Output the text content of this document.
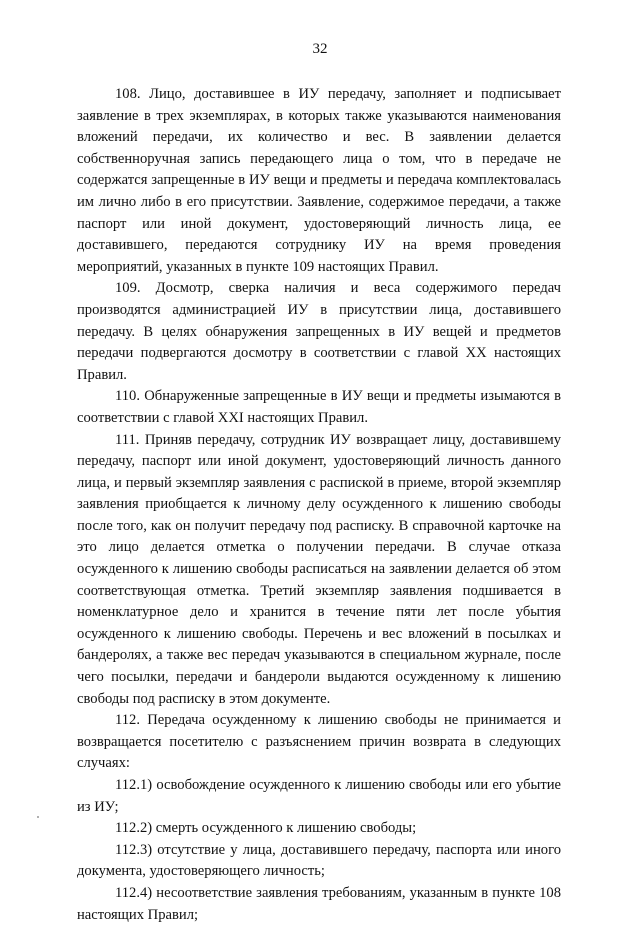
32

108. Лицо, доставившее в ИУ передачу, заполняет и подписывает заявление в трех экземплярах, в которых также указываются наименования вложений передачи, их количество и вес. В заявлении делается собственноручная запись передающего лица о том, что в передаче не содержатся запрещенные в ИУ вещи и предметы и передача комплектовалась им лично либо в его присутствии. Заявление, содержимое передачи, а также паспорт или иной документ, удостоверяющий личность лица, ее доставившего, передаются сотруднику ИУ на время проведения мероприятий, указанных в пункте 109 настоящих Правил.

109. Досмотр, сверка наличия и веса содержимого передач производятся администрацией ИУ в присутствии лица, доставившего передачу. В целях обнаружения запрещенных в ИУ вещей и предметов передачи подвергаются досмотру в соответствии с главой XX настоящих Правил.

110. Обнаруженные запрещенные в ИУ вещи и предметы изымаются в соответствии с главой XXI настоящих Правил.

111. Приняв передачу, сотрудник ИУ возвращает лицу, доставившему передачу, паспорт или иной документ, удостоверяющий личность данного лица, и первый экземпляр заявления с распиской в приеме, второй экземпляр заявления приобщается к личному делу осужденного к лишению свободы после того, как он получит передачу под расписку. В справочной карточке на это лицо делается отметка о получении передачи. В случае отказа осужденного к лишению свободы расписаться на заявлении делается об этом соответствующая отметка. Третий экземпляр заявления подшивается в номенклатурное дело и хранится в течение пяти лет после убытия осужденного к лишению свободы. Перечень и вес вложений в посылках и бандеролях, а также вес передач указываются в специальном журнале, после чего посылки, передачи и бандероли выдаются осужденному к лишению свободы под расписку в этом документе.

112. Передача осужденному к лишению свободы не принимается и возвращается посетителю с разъяснением причин возврата в следующих случаях:

112.1) освобождение осужденного к лишению свободы или его убытие из ИУ;

112.2) смерть осужденного к лишению свободы;

112.3) отсутствие у лица, доставившего передачу, паспорта или иного документа, удостоверяющего личность;

112.4) несоответствие заявления требованиям, указанным в пункте 108 настоящих Правил;
